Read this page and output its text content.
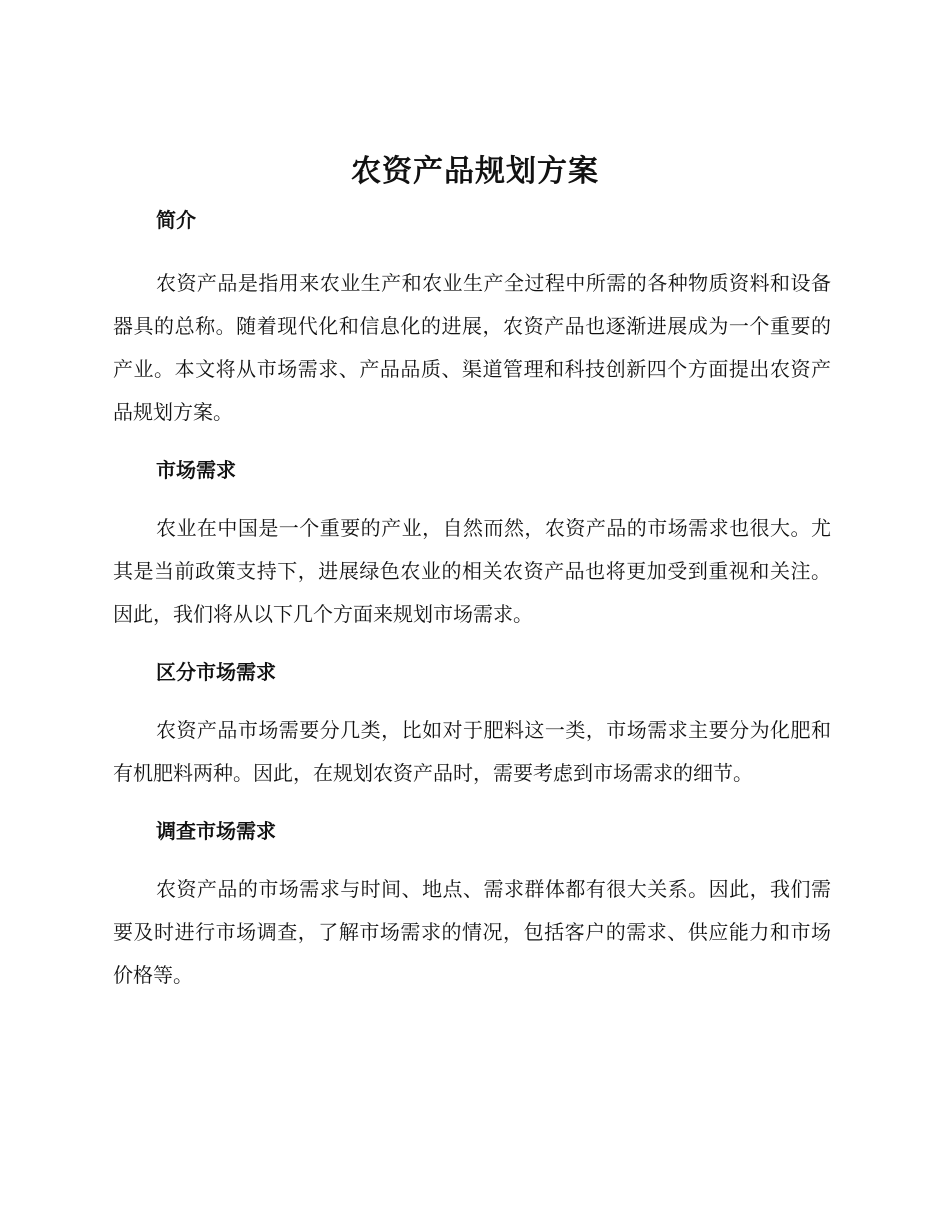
农资产品规划方案
简介

农资产品是指用来农业生产和农业生产全过程中所需的各种物质资料和设备器具的总称。随着现代化和信息化的进展，农资产品也逐渐进展成为一个重要的产业。本文将从市场需求、产品品质、渠道管理和科技创新四个方面提出农资产品规划方案。

市场需求

农业在中国是一个重要的产业，自然而然，农资产品的市场需求也很大。尤其是当前政策支持下，进展绿色农业的相关农资产品也将更加受到重视和关注。因此，我们将从以下几个方面来规划市场需求。

区分市场需求

农资产品市场需要分几类，比如对于肥料这一类，市场需求主要分为化肥和有机肥料两种。因此，在规划农资产品时，需要考虑到市场需求的细节。

调查市场需求

农资产品的市场需求与时间、地点、需求群体都有很大关系。因此，我们需要及时进行市场调查，了解市场需求的情况，包括客户的需求、供应能力和市场价格等。
